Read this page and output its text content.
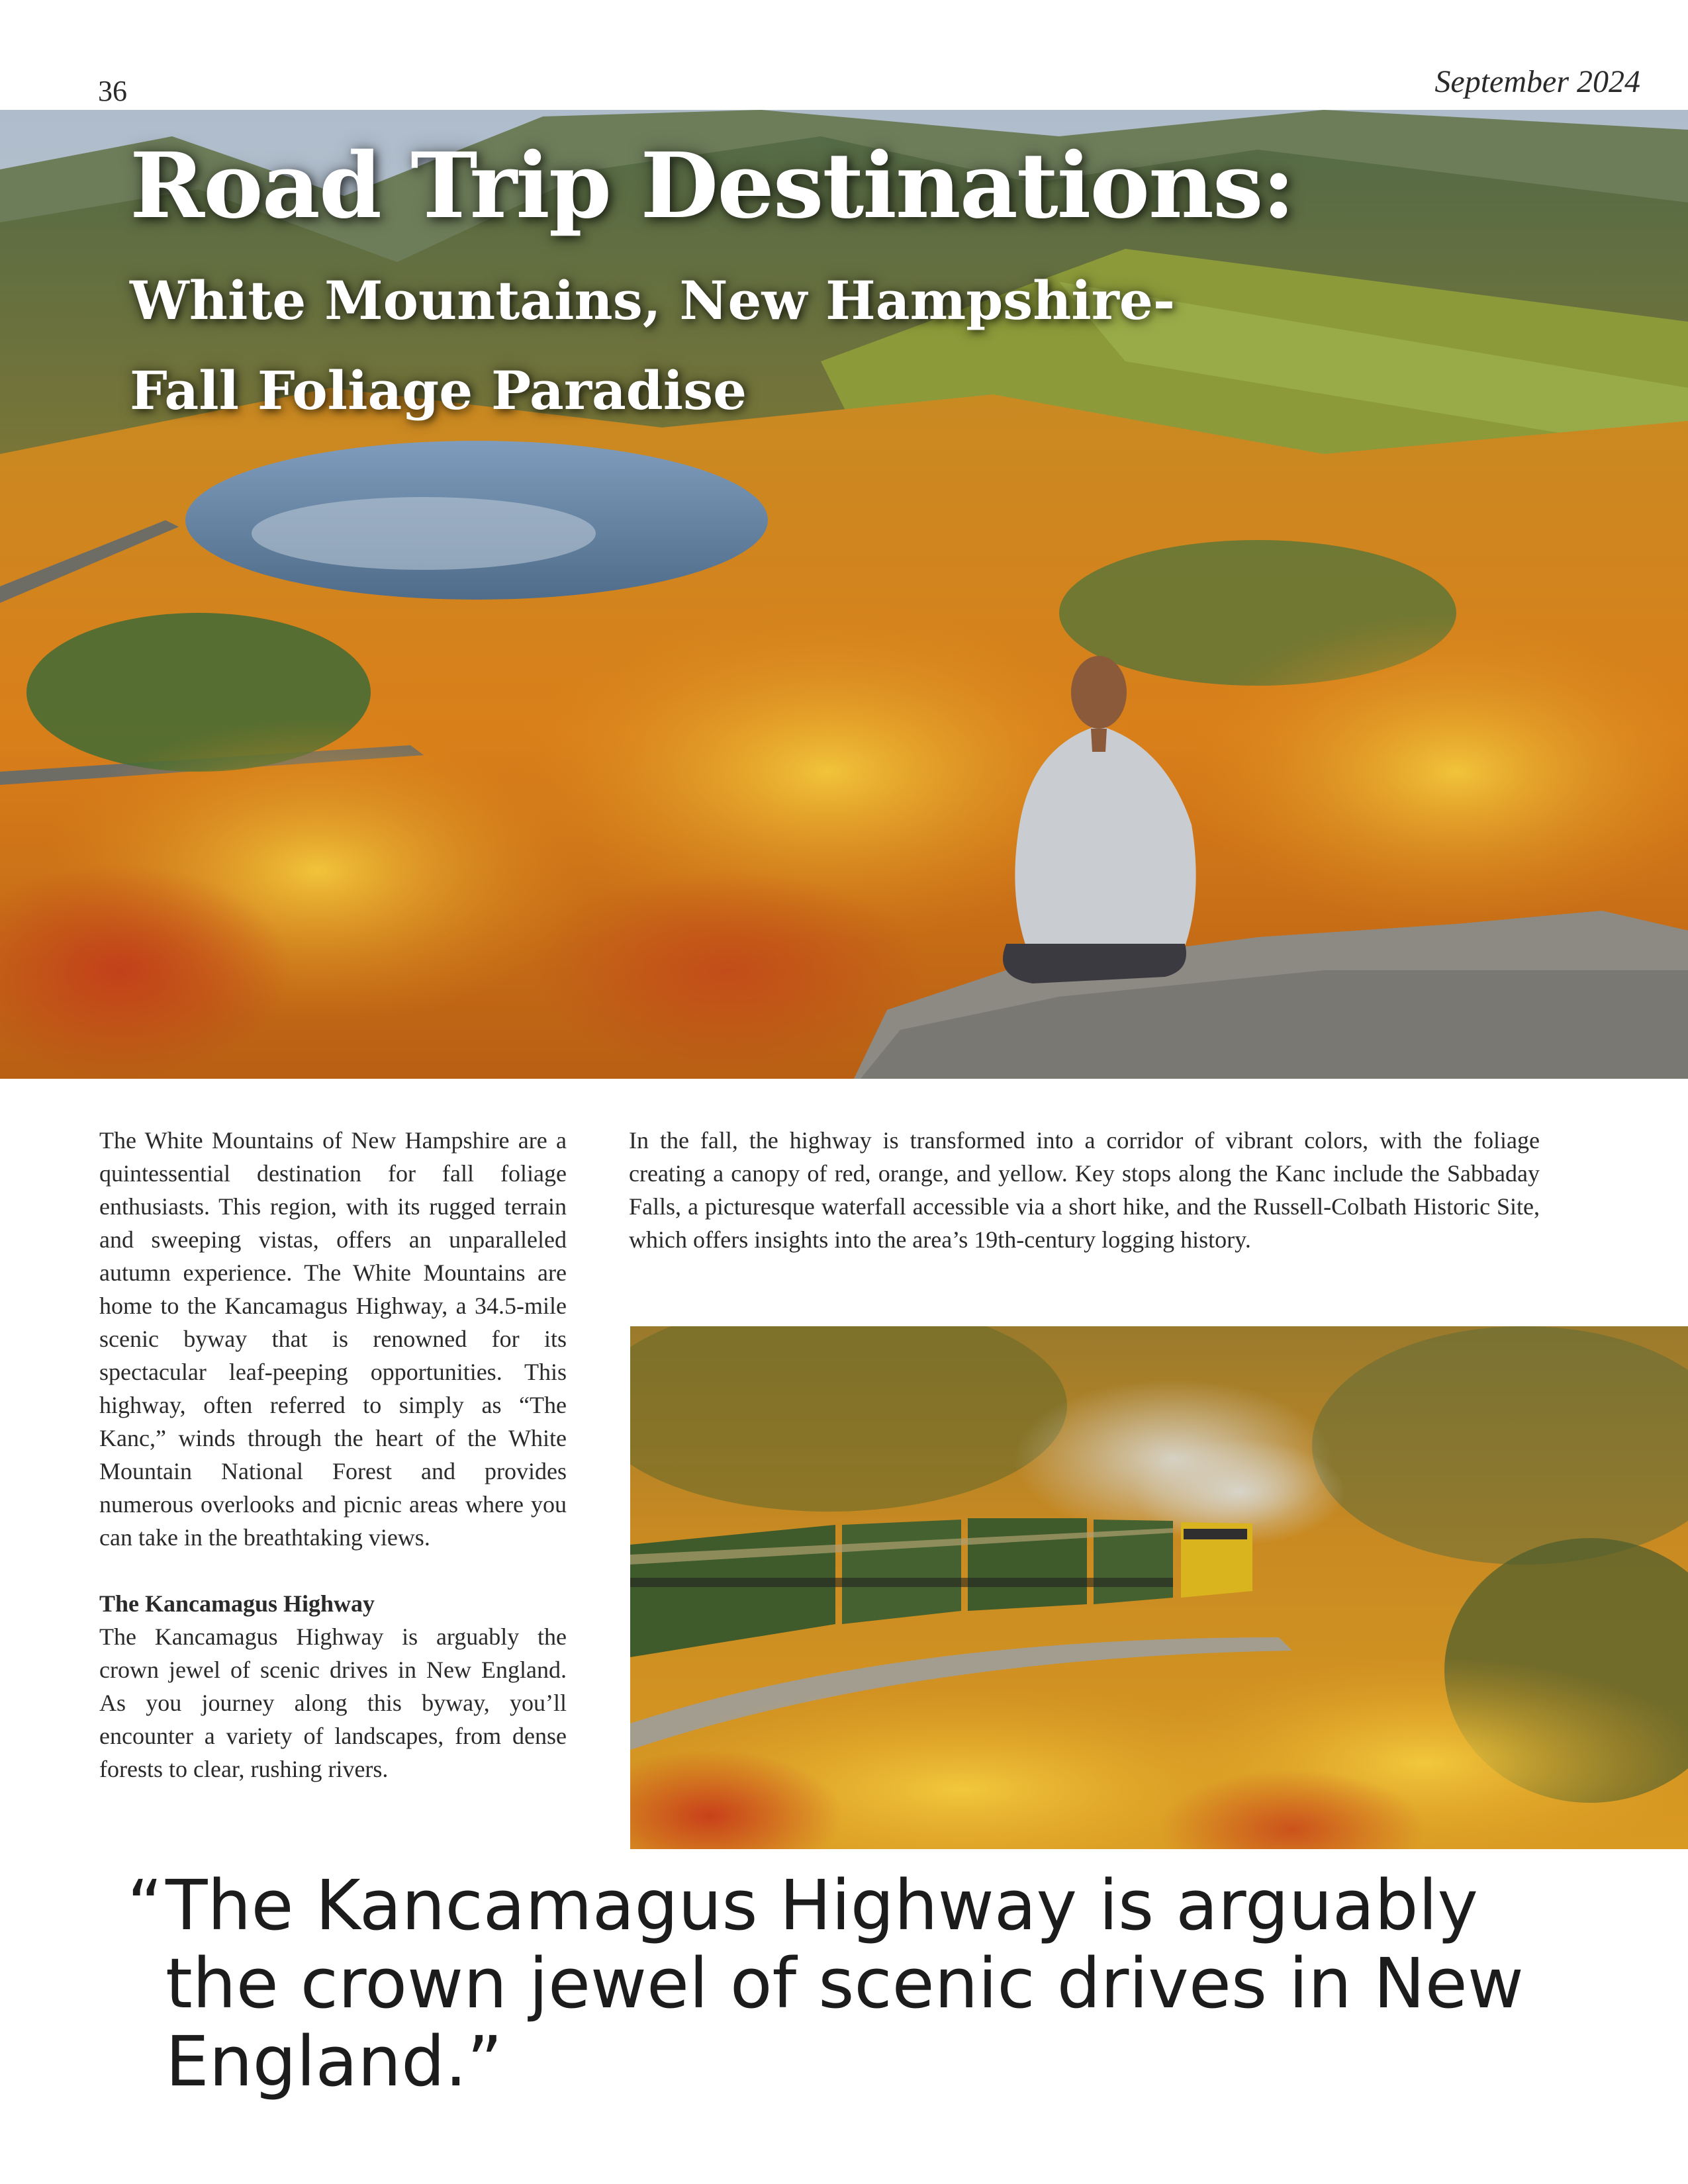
36	September 2024
Road Trip Destinations:
White Mountains, New Hampshire-
Fall Foliage Paradise

The White Mountains of New Hampshire are a quintessential destination for fall foliage enthusiasts. This region, with its rugged terrain and sweeping vistas, offers an unparalleled autumn experience. The White Mountains are home to the Kancamagus Highway, a 34.5-mile scenic byway that is renowned for its spectacular leaf-peeping opportunities. This highway, often referred to simply as “The Kanc,” winds through the heart of the White Mountain National Forest and provides numerous overlooks and picnic areas where you can take in the breathtaking views.

The Kancamagus Highway

The Kancamagus Highway is arguably the crown jewel of scenic drives in New England. As you journey along this byway, you’ll encounter a variety of landscapes, from dense forests to clear, rushing rivers.

In the fall, the highway is transformed into a corridor of vibrant colors, with the foliage creating a canopy of red, orange, and yellow. Key stops along the Kanc include the Sabbaday Falls, a picturesque waterfall accessible via a short hike, and the Russell-Colbath Historic Site, which offers insights into the area’s 19th-century logging history.

“ The Kancamagus Highway is arguably the crown jewel of scenic drives in New England.”
